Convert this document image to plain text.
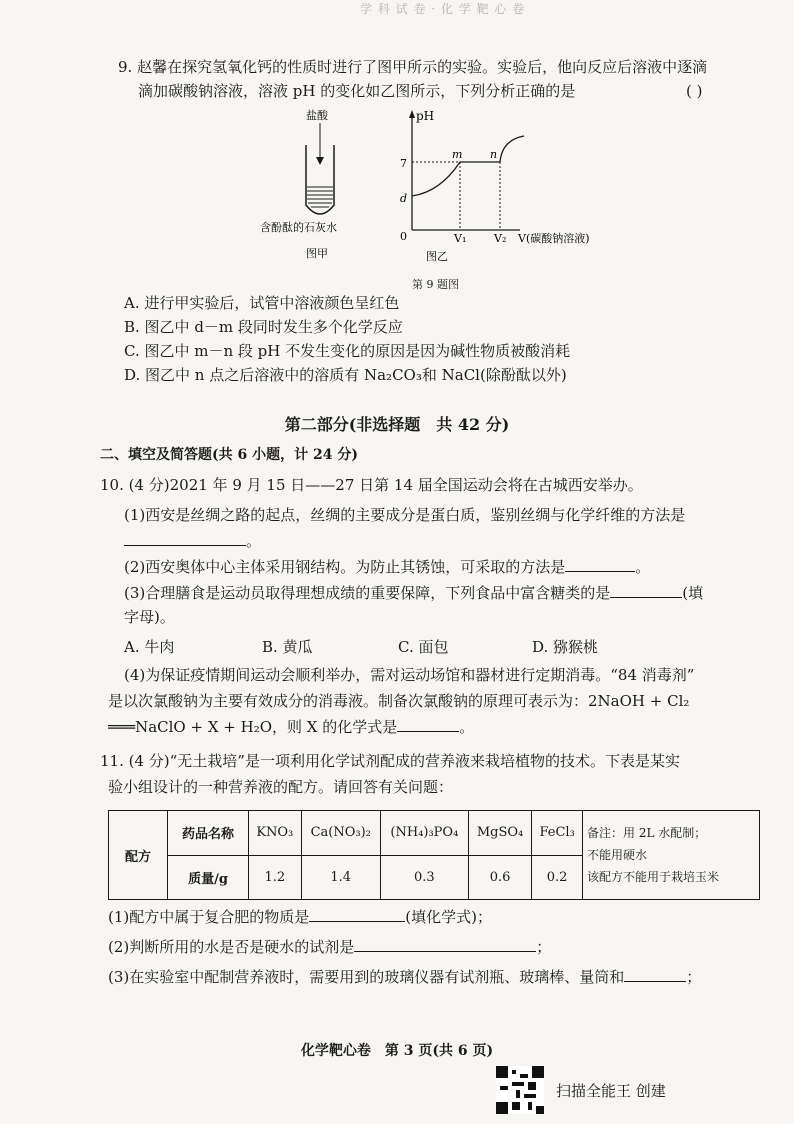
学 科 试 卷 · 化 学 靶 心 卷
9. 赵馨在探究氢氧化钙的性质时进行了图甲所示的实验。实验后，他向反应后溶液中逐滴
滴加碳酸钠溶液，溶液 pH 的变化如乙图所示，下列分析正确的是	( )
盐酸
含酚酞的石灰水
图甲
pH
0
7
d
m	n
V₁	V₂ V(碳酸钠溶液)
图乙
第 9 题图
A. 进行甲实验后，试管中溶液颜色呈红色
B. 图乙中 d－m 段同时发生多个化学反应
C. 图乙中 m－n 段 pH 不发生变化的原因是因为碱性物质被酸消耗
D. 图乙中 n 点之后溶液中的溶质有 Na₂CO₃和 NaCl(除酚酞以外)
第二部分(非选择题　共 42 分)
二、填空及简答题(共 6 小题，计 24 分)
10. (4 分)2021 年 9 月 15 日——27 日第 14 届全国运动会将在古城西安举办。
(1)西安是丝绸之路的起点，丝绸的主要成分是蛋白质，鉴别丝绸与化学纤维的方法是
。
(2)西安奥体中心主体采用钢结构。为防止其锈蚀，可采取的方法是	。
(3)合理膳食是运动员取得理想成绩的重要保障，下列食品中富含糖类的是	(填
字母)。
A. 牛肉	B. 黄瓜	C. 面包	D. 猕猴桃
(4)为保证疫情期间运动会顺利举办，需对运动场馆和器材进行定期消毒。“84 消毒剂”
是以次氯酸钠为主要有效成分的消毒液。制备次氯酸钠的原理可表示为：2NaOH + Cl₂
═══NaClO + X + H₂O，则 X 的化学式是	。
11. (4 分)“无土栽培”是一项利用化学试剂配成的营养液来栽培植物的技术。下表是某实
验小组设计的一种营养液的配方。请回答有关问题：
配方	药品名称	KNO₃	Ca(NO₃)₂	(NH₄)₃PO₄	MgSO₄	FeCl₃	备注：用 2L 水配制；
不能用硬水
该配方不能用于栽培玉米

	质量/g	1.2	1.4	0.3	0.6	0.2	
(1)配方中属于复合肥的物质是	(填化学式)；
(2)判断所用的水是否是硬水的试剂是	；
(3)在实验室中配制营养液时，需要用到的玻璃仪器有试剂瓶、玻璃棒、量筒和	；
化学靶心卷　第 3 页(共 6 页)
扫描全能王 创建
